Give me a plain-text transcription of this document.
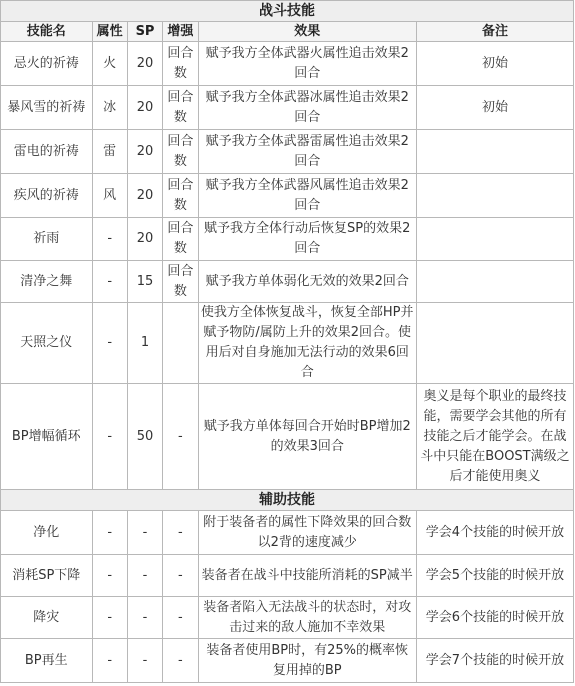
战斗技能					
技能名	属性	SP	增强	效果	备注
忌火的祈祷	火	20	回合数	赋予我方全体武器火属性追击效果2回合	初始
暴风雪的祈祷	冰	20	回合数	赋予我方全体武器冰属性追击效果2回合	初始
雷电的祈祷	雷	20	回合数	赋予我方全体武器雷属性追击效果2回合	
疾风的祈祷	风	20	回合数	赋予我方全体武器风属性追击效果2回合	
祈雨	-	20	回合数	赋予我方全体行动后恢复SP的效果2回合	
清净之舞	-	15	回合数	赋予我方单体弱化无效的效果2回合	
天照之仪	-	1		使我方全体恢复战斗，恢复全部HP并赋予物防/属防上升的效果2回合。使用后对自身施加无法行动的效果6回合	
BP增幅循环	-	50	-	赋予我方单体每回合开始时BP增加2的效果3回合	奥义是每个职业的最终技能，需要学会其他的所有技能之后才能学会。在战斗中只能在BOOST满级之后才能使用奥义
辅助技能					
净化	-	-	-	附于装备者的属性下降效果的回合数以2背的速度减少	学会4个技能的时候开放
消耗SP下降	-	-	-	装备者在战斗中技能所消耗的SP减半	学会5个技能的时候开放
降灾	-	-	-	装备者陷入无法战斗的状态时，对攻击过来的敌人施加不幸效果	学会6个技能的时候开放
BP再生	-	-	-	装备者使用BP时，有25%的概率恢复用掉的BP	学会7个技能的时候开放
